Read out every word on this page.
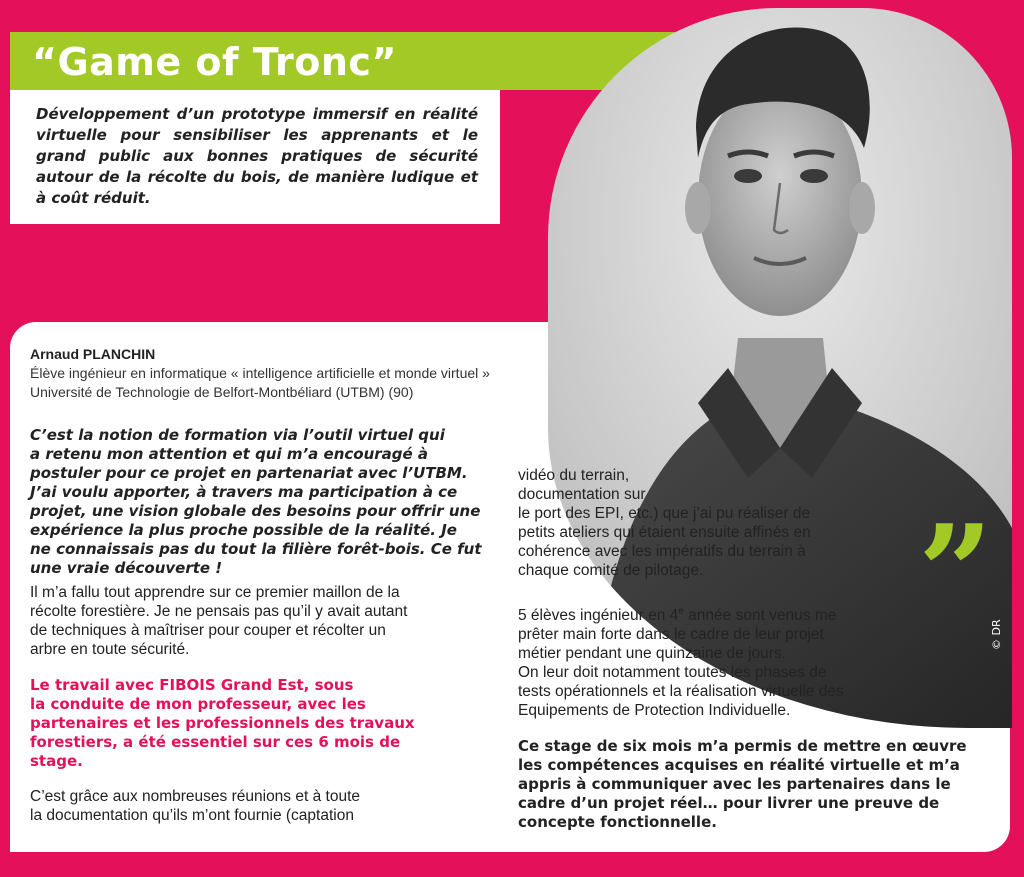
“Game of Tronc”

Développement d’un prototype immersif en réalité virtuelle pour sensibiliser les apprenants et le grand public aux bonnes pratiques de sécurité autour de la récolte du bois, de manière ludique et à coût réduit.

”
© DR

Arnaud PLANCHIN

Élève ingénieur en informatique « intelligence artificielle et monde virtuel »

Université de Technologie de Belfort-Montbéliard (UTBM) (90)

C’est la notion de formation via l’outil virtuel qui
a retenu mon attention et qui m’a encouragé à
postuler pour ce projet en partenariat avec l’UTBM.
J’ai voulu apporter, à travers ma participation à ce
projet, une vision globale des besoins pour offrir une
expérience la plus proche possible de la réalité. Je
ne connaissais pas du tout la filière forêt-bois. Ce fut
une vraie découverte !
Il m’a fallu tout apprendre sur ce premier maillon de la
récolte forestière. Je ne pensais pas qu’il y avait autant
de techniques à maîtriser pour couper et récolter un
arbre en toute sécurité.
Le travail avec FIBOIS Grand Est, sous
la conduite de mon professeur, avec les
partenaires et les professionnels des travaux
forestiers, a été essentiel sur ces 6 mois de
stage.
C’est grâce aux nombreuses réunions et à toute
la documentation qu’ils m’ont fournie (captation
vidéo du terrain,
documentation sur
le port des EPI, etc.) que j’ai pu réaliser de
petits ateliers qui étaient ensuite affinés en
cohérence avec les impératifs du terrain à
chaque comité de pilotage.
5 élèves ingénieur en 4e année sont venus me
prêter main forte dans le cadre de leur projet
métier pendant une quinzaine de jours.
On leur doit notamment toutes les phases de
tests opérationnels et la réalisation virtuelle des
Equipements de Protection Individuelle.
Ce stage de six mois m’a permis de mettre en œuvre
les compétences acquises en réalité virtuelle et m’a
appris à communiquer avec les partenaires dans le
cadre d’un projet réel… pour livrer une preuve de
concepte fonctionnelle.
